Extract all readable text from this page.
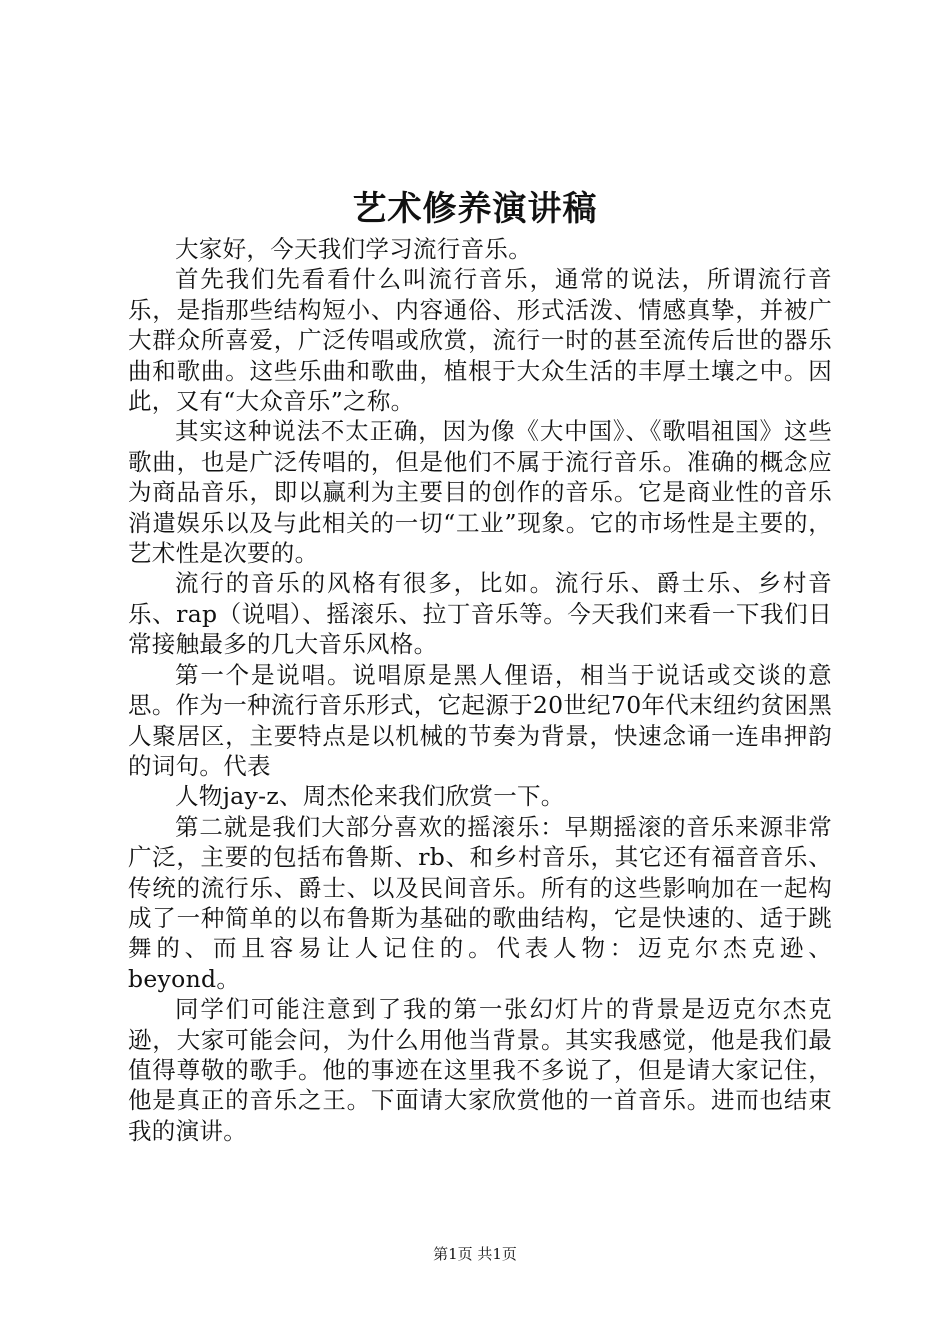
艺术修养演讲稿

大家好，今天我们学习流行音乐。

首先我们先看看什么叫流行音乐，通常的说法，所谓流行音乐，是指那些结构短小、内容通俗、形式活泼、情感真挚，并被广大群众所喜爱，广泛传唱或欣赏，流行一时的甚至流传后世的器乐曲和歌曲。这些乐曲和歌曲，植根于大众生活的丰厚土壤之中。因此，又有“大众音乐”之称。

其实这种说法不太正确，因为像《大中国》、《歌唱祖国》这些歌曲，也是广泛传唱的，但是他们不属于流行音乐。准确的概念应为商品音乐，即以赢利为主要目的创作的音乐。它是商业性的音乐消遣娱乐以及与此相关的一切“工业”现象。它的市场性是主要的，艺术性是次要的。

流行的音乐的风格有很多，比如。流行乐、爵士乐、乡村音乐、rap（说唱）、摇滚乐、拉丁音乐等。今天我们来看一下我们日常接触最多的几大音乐风格。

第一个是说唱。说唱原是黑人俚语，相当于说话或交谈的意思。作为一种流行音乐形式，它起源于20世纪70年代末纽约贫困黑人聚居区，主要特点是以机械的节奏为背景，快速念诵一连串押韵的词句。代表

人物jay-z、周杰伦来我们欣赏一下。

第二就是我们大部分喜欢的摇滚乐：早期摇滚的音乐来源非常广泛，主要的包括布鲁斯、rb、和乡村音乐，其它还有福音音乐、传统的流行乐、爵士、以及民间音乐。所有的这些影响加在一起构成了一种简单的以布鲁斯为基础的歌曲结构，它是快速的、适于跳舞的、而且容易让人记住的。代表人物：迈克尔杰克逊、beyond。

同学们可能注意到了我的第一张幻灯片的背景是迈克尔杰克逊，大家可能会问，为什么用他当背景。其实我感觉，他是我们最值得尊敬的歌手。他的事迹在这里我不多说了，但是请大家记住，他是真正的音乐之王。下面请大家欣赏他的一首音乐。进而也结束我的演讲。

第1页 共1页
